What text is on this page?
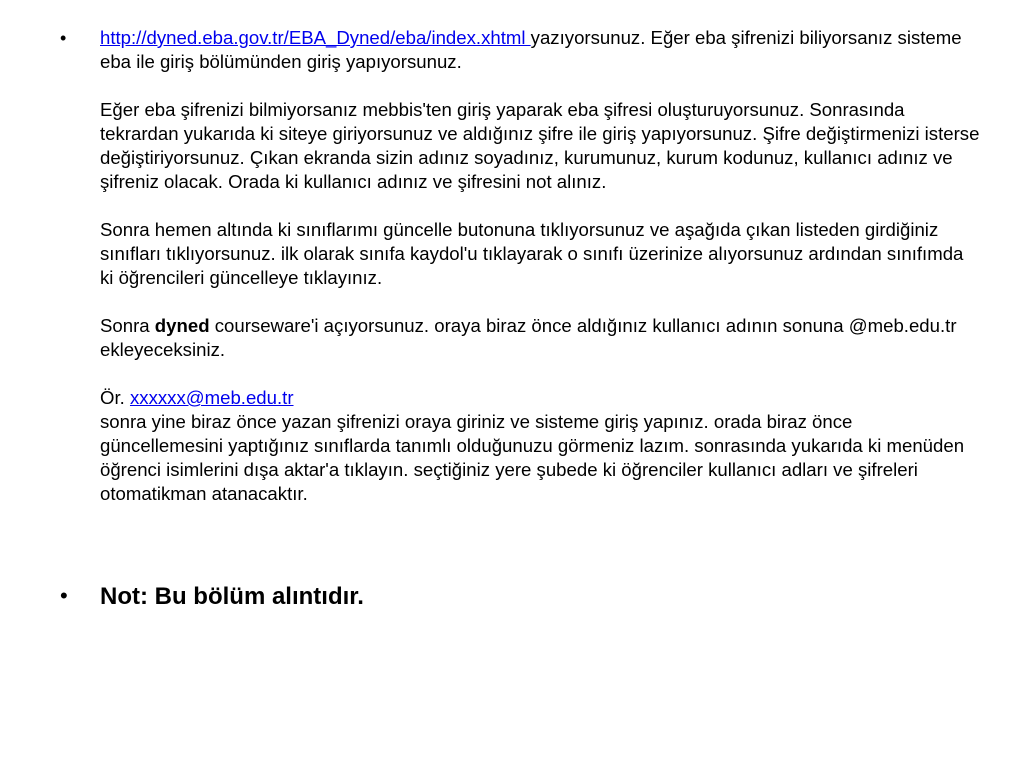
• http://dyned.eba.gov.tr/EBA_Dyned/eba/index.xhtml yazıyorsunuz. Eğer eba şifrenizi biliyorsanız sisteme eba ile giriş bölümünden giriş yapıyorsunuz.

Eğer eba şifrenizi bilmiyorsanız mebbis'ten giriş yaparak eba şifresi oluşturuyorsunuz. Sonrasında tekrardan yukarıda ki siteye giriyorsunuz ve aldığınız şifre ile giriş yapıyorsunuz. Şifre değiştirmenizi isterse değiştiriyorsunuz. Çıkan ekranda sizin adınız soyadınız, kurumunuz, kurum kodunuz, kullanıcı adınız ve şifreniz olacak. Orada ki kullanıcı adınız ve şifresini not alınız.

Sonra hemen altında ki sınıflarımı güncelle butonuna tıklıyorsunuz ve aşağıda çıkan listeden girdiğiniz sınıfları tıklıyorsunuz. ilk olarak sınıfa kaydol'u tıklayarak o sınıfı üzerinize alıyorsunuz ardından sınıfımda ki öğrencileri güncelleye tıklayınız.

Sonra dyned courseware'i açıyorsunuz. oraya biraz önce aldığınız kullanıcı adının sonuna @meb.edu.tr ekleyeceksiniz.

Ör. xxxxxx@meb.edu.tr

sonra yine biraz önce yazan şifrenizi oraya giriniz ve sisteme giriş yapınız. orada biraz önce güncellemesini yaptığınız sınıflarda tanımlı olduğunuzu görmeniz lazım. sonrasında yukarıda ki menüden öğrenci isimlerini dışa aktar'a tıklayın. seçtiğiniz yere şubede ki öğrenciler kullanıcı adları ve şifreleri otomatikman atanacaktır.

• Not: Bu bölüm alıntıdır.
